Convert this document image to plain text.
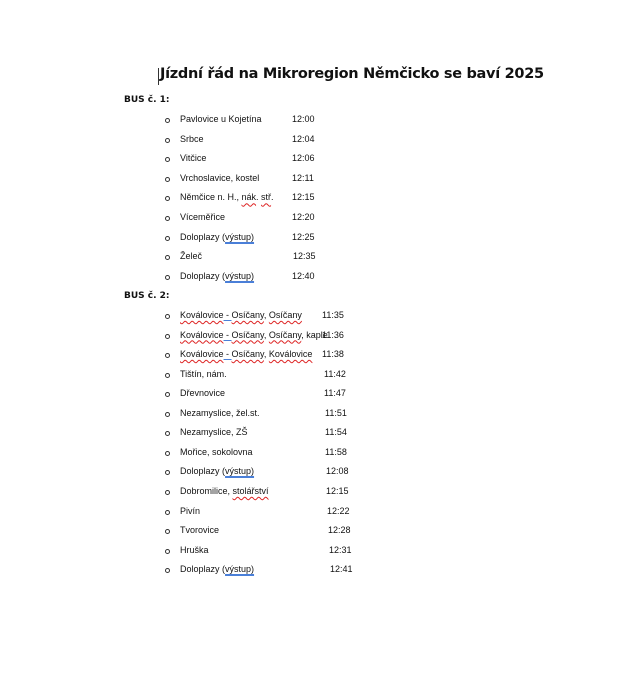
Jízdní řád na Mikroregion Němčicko se baví 2025
BUS č. 1:
Pavlovice u Kojetína	12:00
Srbce	12:04
Vitčice	12:06
Vrchoslavice, kostel	12:11
Němčice n. H., nák. stř. 12:15
Víceměřice	12:20
Doloplazy (výstup)	12:25
Želeč	12:35
Doloplazy (výstup)	12:40
BUS č. 2:
Koválovice - Osíčany, Osíčany 11:35
Koválovice - Osíčany, Osíčany, kaple
11:36
Koválovice - Osíčany, Koválovice 11:38
Tištín, nám.	11:42
Dřevnovice	11:47
Nezamyslice, žel.st.	11:51
Nezamyslice, ZŠ	11:54
Mořice, sokolovna	11:58
Doloplazy (výstup)	12:08
Dobromilice, stolářství	12:15
Pivín	12:22
Tvorovice	12:28
Hruška	12:31
Doloplazy (výstup)	12:41
